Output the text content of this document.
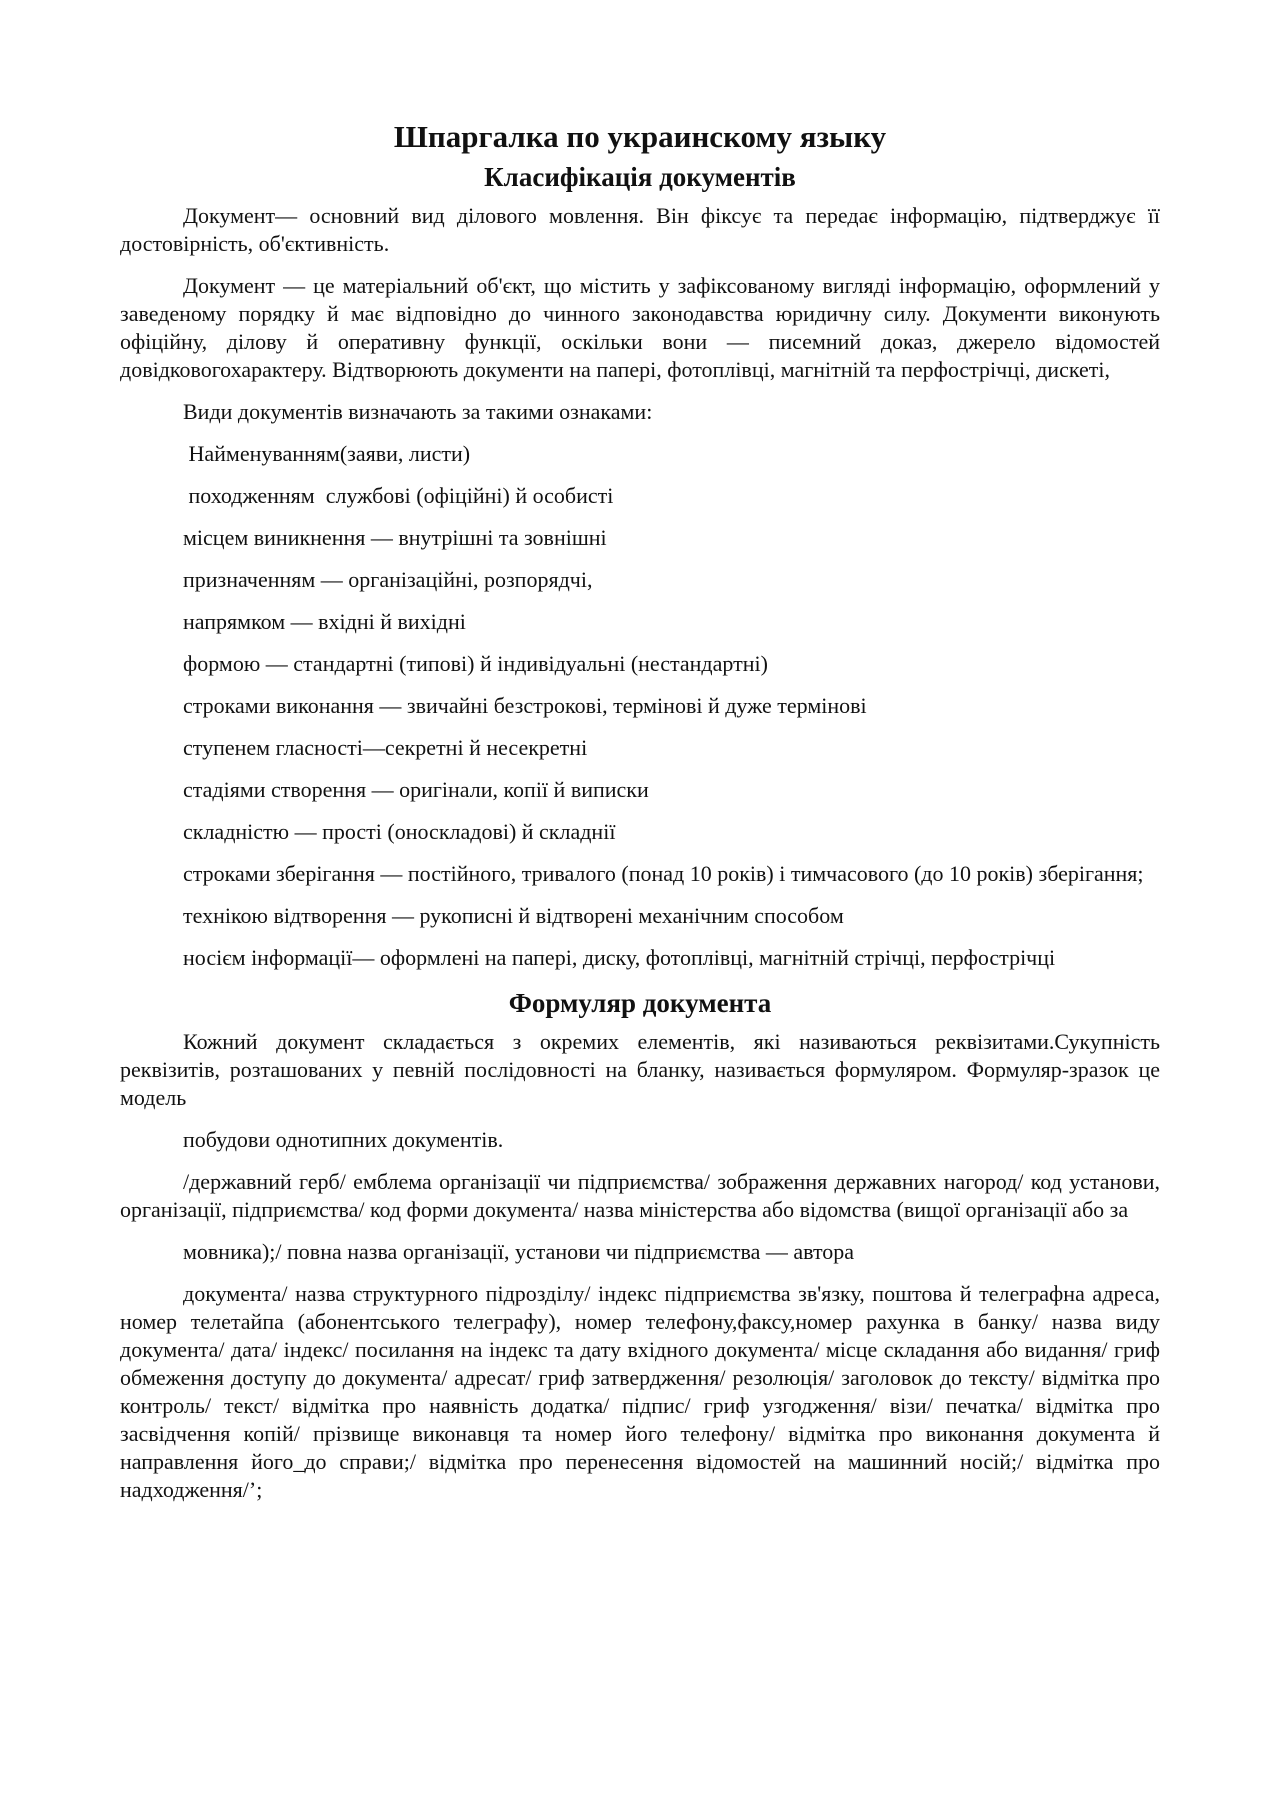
Шпаргалка по украинскому языку
Класифікація документів

Документ— основний вид ділового мовлення. Він фіксує та передає інформацію, підтверджує її достовірність, об'єктивність.

Документ — це матеріальний об'єкт, що містить у зафіксованому вигляді інформацію, оформлений у заведеному порядку й має відповідно до чинного законодавства юридичну силу. Документи виконують офіційну, ділову й оперативну функції, оскільки вони — писемний доказ, джерело відомостей довідковогохарактеру. Відтворюють документи на папері, фотоплівці, магнітній та перфострічці, дискеті,

Види документів визначають за такими ознаками:

Найменуванням(заяви, листи)

походженням  службові (офіційні) й особисті

місцем виникнення — внутрішні та зовнішні

призначенням — організаційні, розпорядчі,

напрямком — вхідні й вихідні

формою — стандартні (типові) й індивідуальні (нестандартні)

строками виконання — звичайні безстрокові, термінові й дуже термінові

ступенем гласності—секретні й несекретні

стадіями створення — оригінали, копії й виписки

складністю — прості (оноскладові) й складнії

строками зберігання — постійного, тривалого (понад 10 років) і тимчасового (до 10 років) зберігання;

технікою відтворення — рукописні й відтворені механічним способом

носієм інформації— оформлені на папері, диску, фотоплівці, магнітній стрічці, перфострічці

Формуляр документа

Кожний документ складається з окремих елементів, які називаються реквізитами.Сукупність реквізитів, розташованих у певній послідовності на бланку, називається формуляром. Формуляр-зразок це модель

побудови однотипних документів.

/державний герб/ емблема організації чи підприємства/ зображення державних нагород/ код установи, організації, підприємства/ код форми документа/ назва міністерства або відомства (вищої організації або за

мовника);/ повна назва організації, установи чи підприємства — автора

документа/ назва структурного підрозділу/ індекс підприємства зв'язку, поштова й телеграфна адреса, номер телетайпа (абонентського телеграфу), номер телефону,факсу,номер рахунка в банку/ назва виду документа/ дата/ індекс/ посилання на індекс та дату вхідного документа/ місце складання або видання/ гриф обмеження доступу до документа/ адресат/ гриф затвердження/ резолюція/ заголовок до тексту/ відмітка про контроль/ текст/ відмітка про наявність додатка/ підпис/ гриф узгодження/ візи/ печатка/ відмітка про засвідчення копій/ прізвище виконавця та номер його телефону/ відмітка про виконання документа й направлення його_до справи;/ відмітка про перенесення відомостей на машинний носій;/ відмітка про надходження/’;
